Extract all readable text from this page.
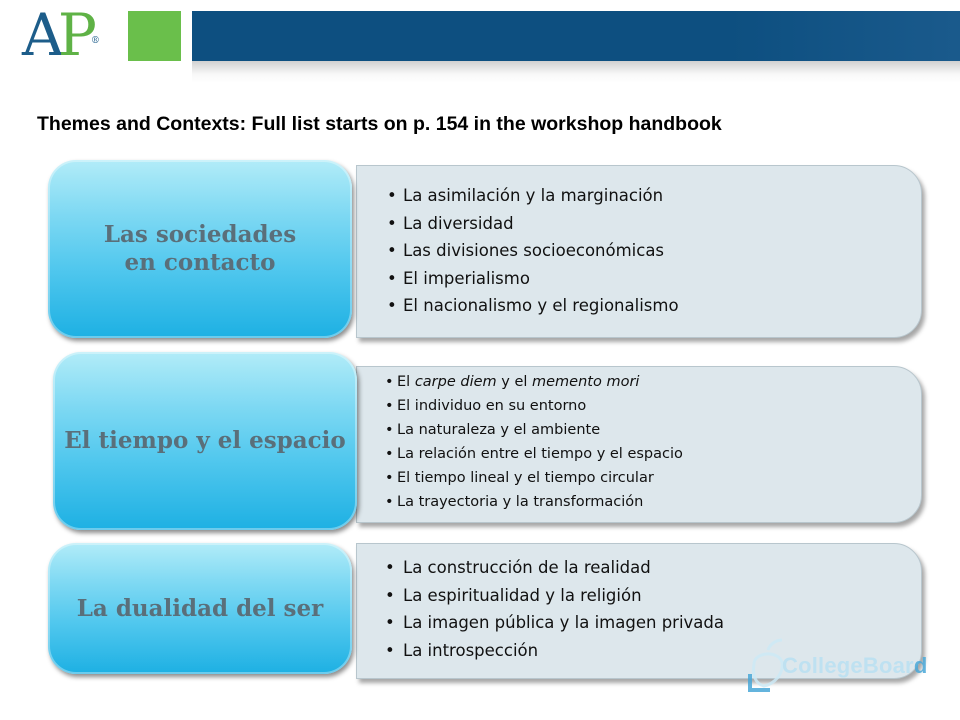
AP®
Themes and Contexts: Full list starts on p. 154 in the workshop handbook
• La asimilación y la marginación
• La diversidad
• Las divisiones socioeconómicas
• El imperialismo
• El nacionalismo y el regionalismo
Las sociedades
en contacto
• El carpe diem y el memento mori
• El individuo en su entorno
• La naturaleza y el ambiente
• La relación entre el tiempo y el espacio
• El tiempo lineal y el tiempo circular
• La trayectoria y la transformación
El tiempo y el espacio
• La construcción de la realidad
• La espiritualidad y la religión
• La imagen pública y la imagen privada
• La introspección
La dualidad del ser
CollegeBoard
